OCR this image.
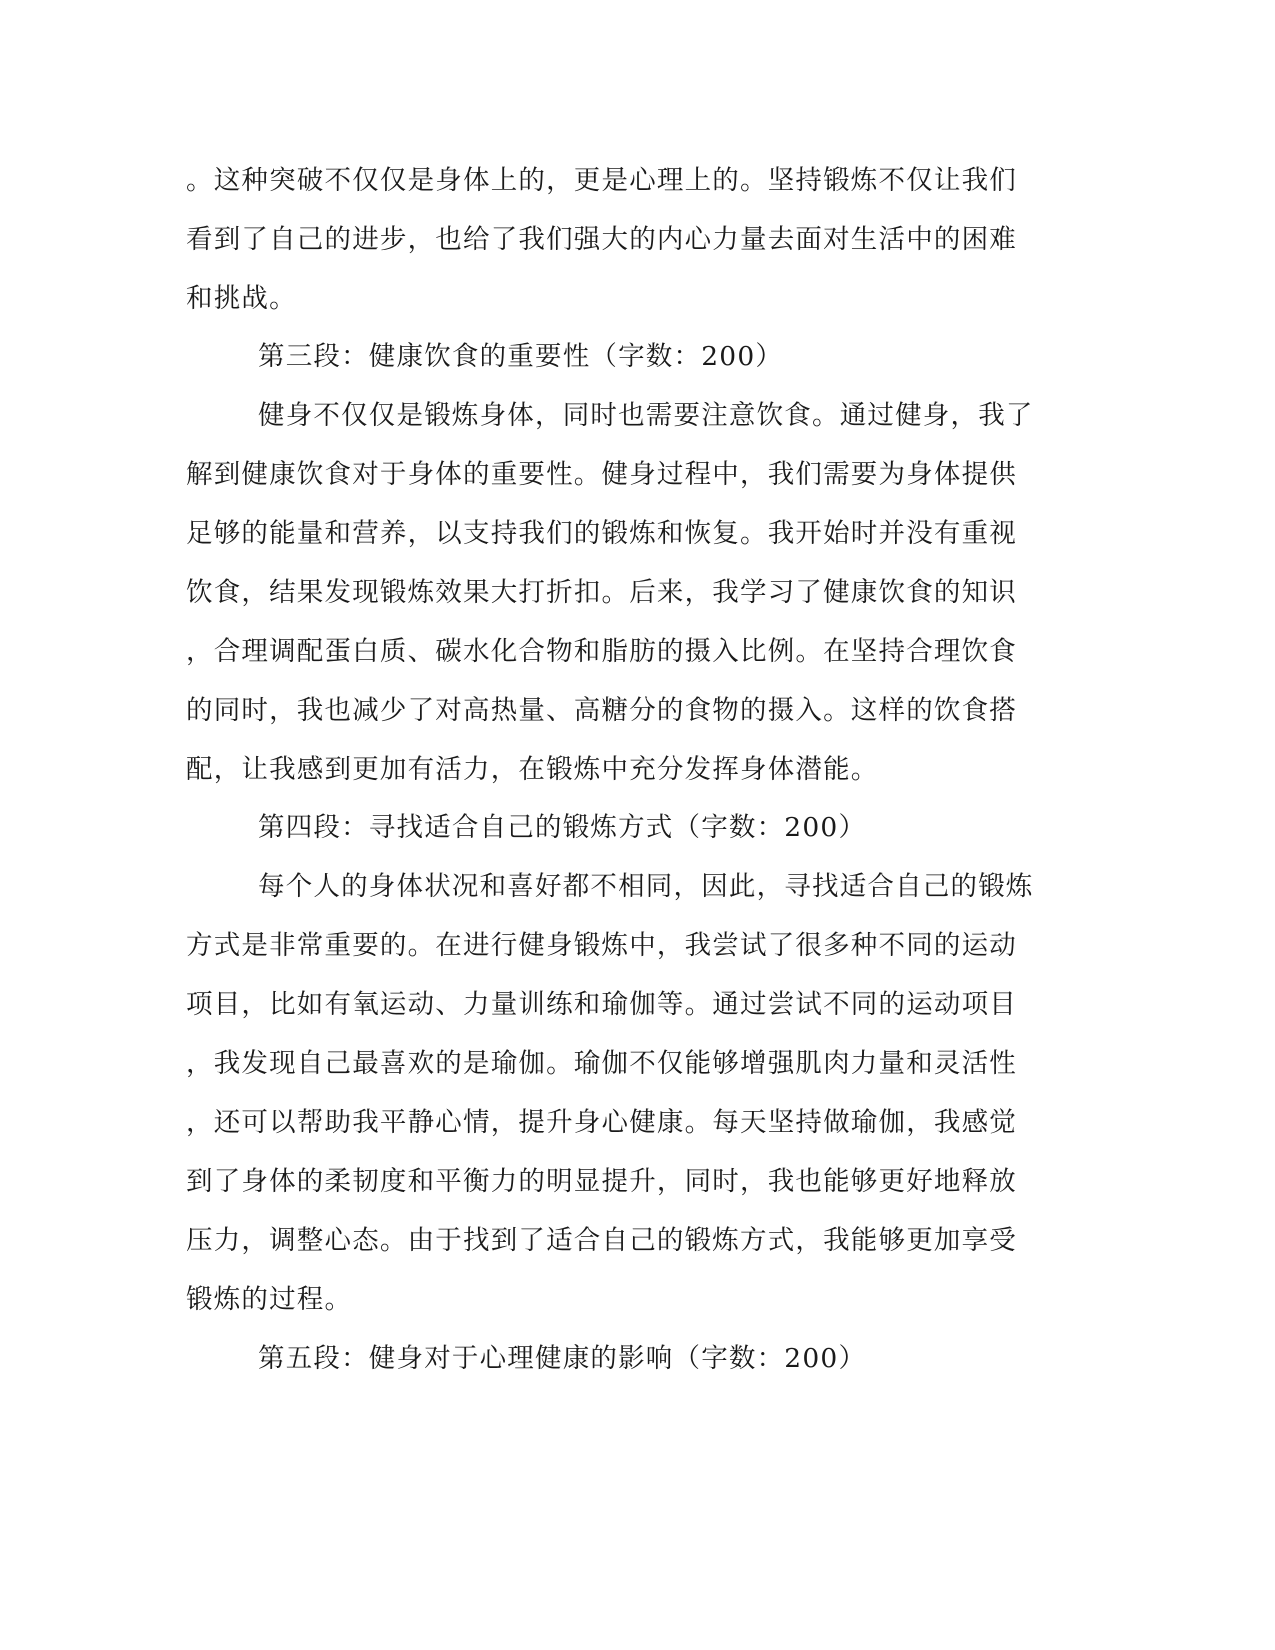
。这种突破不仅仅是身体上的，更是心理上的。坚持锻炼不仅让我们
看到了自己的进步，也给了我们强大的内心力量去面对生活中的困难
和挑战。
第三段：健康饮食的重要性（字数：200）
健身不仅仅是锻炼身体，同时也需要注意饮食。通过健身，我了
解到健康饮食对于身体的重要性。健身过程中，我们需要为身体提供
足够的能量和营养，以支持我们的锻炼和恢复。我开始时并没有重视
饮食，结果发现锻炼效果大打折扣。后来，我学习了健康饮食的知识
，合理调配蛋白质、碳水化合物和脂肪的摄入比例。在坚持合理饮食
的同时，我也减少了对高热量、高糖分的食物的摄入。这样的饮食搭
配，让我感到更加有活力，在锻炼中充分发挥身体潜能。
第四段：寻找适合自己的锻炼方式（字数：200）
每个人的身体状况和喜好都不相同，因此，寻找适合自己的锻炼
方式是非常重要的。在进行健身锻炼中，我尝试了很多种不同的运动
项目，比如有氧运动、力量训练和瑜伽等。通过尝试不同的运动项目
，我发现自己最喜欢的是瑜伽。瑜伽不仅能够增强肌肉力量和灵活性
，还可以帮助我平静心情，提升身心健康。每天坚持做瑜伽，我感觉
到了身体的柔韧度和平衡力的明显提升，同时，我也能够更好地释放
压力，调整心态。由于找到了适合自己的锻炼方式，我能够更加享受
锻炼的过程。
第五段：健身对于心理健康的影响（字数：200）
